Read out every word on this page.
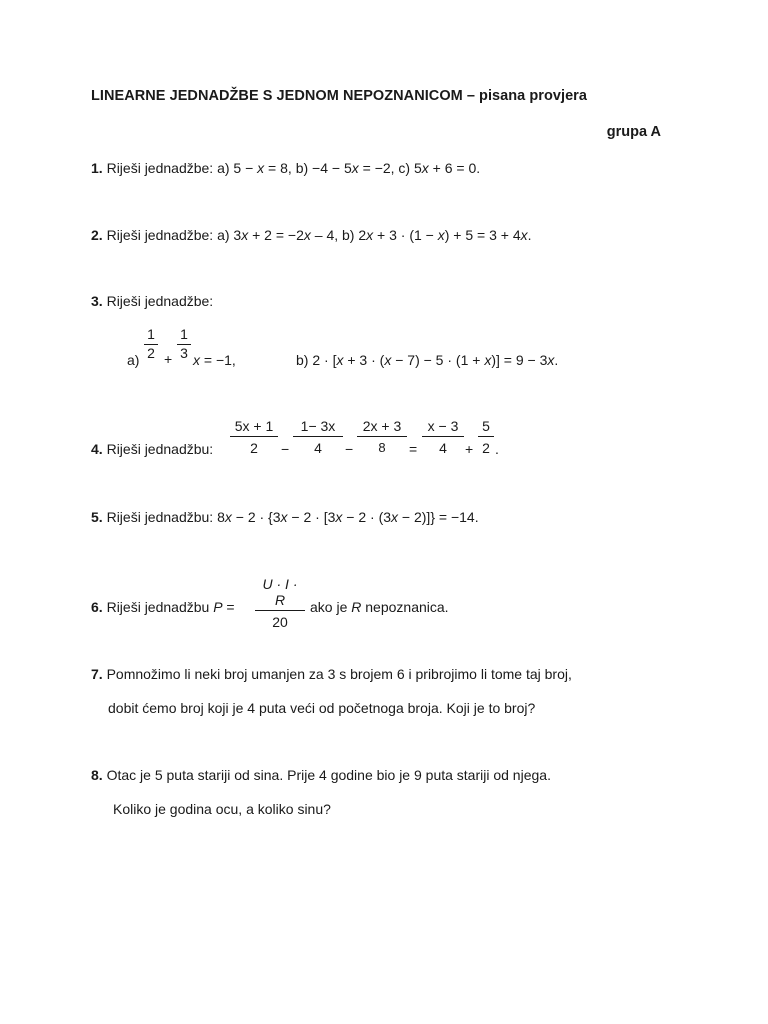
LINEARNE JEDNADŽBE S JEDNOM NEPOZNANICOM – pisana provjera
grupa A
1. Riješi jednadžbe: a) 5 − x = 8, b) −4 − 5x = −2, c) 5x + 6 = 0.
2. Riješi jednadžbe: a) 3x + 2 = −2x – 4, b) 2x + 3 · (1 − x) + 5 = 3 + 4x.
3. Riješi jednadžbe:
a)
1
2 +
1
3 x = −1,	b) 2 · [x + 3 · (x − 7) − 5 · (1 + x)] = 9 − 3x.
4. Riješi jednadžbu:
5x + 1
2	−
1− 3x
4	−
2x + 3
8	=
x − 3
4	+
5
2 .
5. Riješi jednadžbu: 8x − 2 · {3x − 2 · [3x − 2 · (3x − 2)]} = −14.
6. Riješi jednadžbu P =
U · I · R
20
ako je R nepoznanica.
7. Pomnožimo li neki broj umanjen za 3 s brojem 6 i pribrojimo li tome taj broj,
dobit ćemo broj koji je 4 puta veći od početnoga broja. Koji je to broj?
8. Otac je 5 puta stariji od sina. Prije 4 godine bio je 9 puta stariji od njega.
Koliko je godina ocu, a koliko sinu?
